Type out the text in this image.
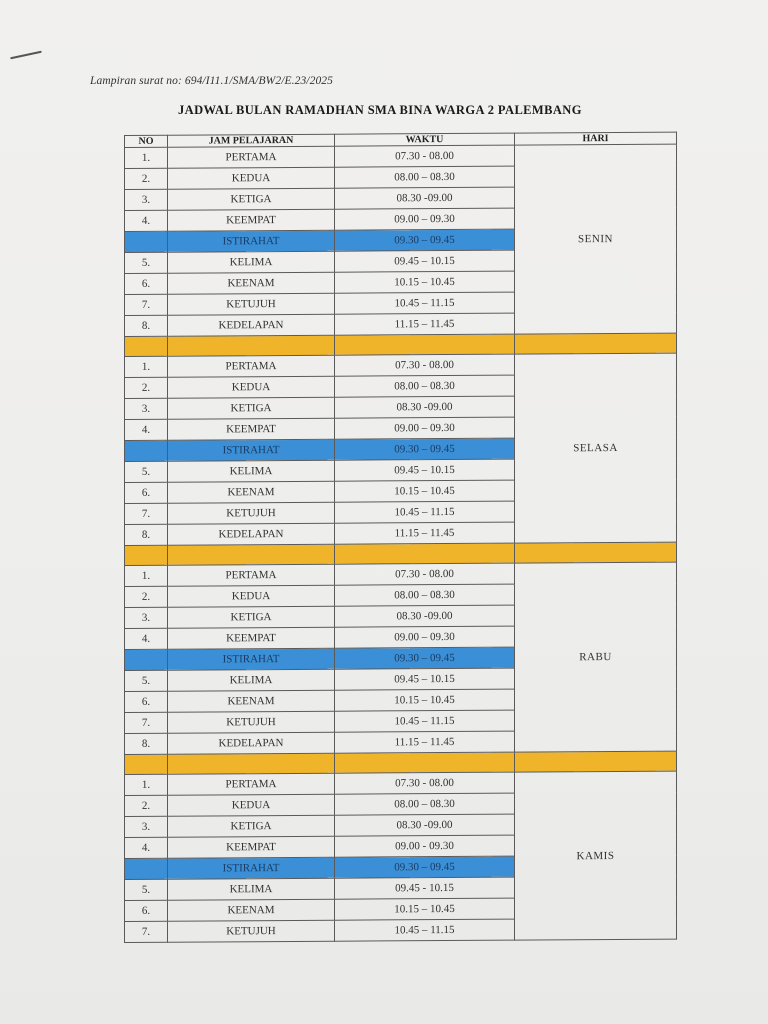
Lampiran surat no: 694/I11.1/SMA/BW2/E.23/2025
JADWAL BULAN RAMADHAN SMA BINA WARGA 2 PALEMBANG
NO	JAM PELAJARAN	WAKTU	HARI
1.	PERTAMA	07.30 - 08.00	SENIN
2.	KEDUA	08.00 – 08.30	
3.	KETIGA	08.30 -09.00	
4.	KEEMPAT	09.00 – 09.30	
	ISTIRAHAT	09.30 – 09.45	
5.	KELIMA	09.45 – 10.15	
6.	KEENAM	10.15 – 10.45	
7.	KETUJUH	10.45 – 11.15	
8.	KEDELAPAN	11.15 – 11.45	

1.	PERTAMA	07.30 - 08.00	SELASA
2.	KEDUA	08.00 – 08.30	
3.	KETIGA	08.30 -09.00	
4.	KEEMPAT	09.00 – 09.30	
	ISTIRAHAT	09.30 – 09.45	
5.	KELIMA	09.45 – 10.15	
6.	KEENAM	10.15 – 10.45	
7.	KETUJUH	10.45 – 11.15	
8.	KEDELAPAN	11.15 – 11.45	

1.	PERTAMA	07.30 - 08.00	RABU
2.	KEDUA	08.00 – 08.30	
3.	KETIGA	08.30 -09.00	
4.	KEEMPAT	09.00 – 09.30	
	ISTIRAHAT	09.30 – 09.45	
5.	KELIMA	09.45 – 10.15	
6.	KEENAM	10.15 – 10.45	
7.	KETUJUH	10.45 – 11.15	
8.	KEDELAPAN	11.15 – 11.45	

1.	PERTAMA	07.30 - 08.00	KAMIS
2.	KEDUA	08.00 – 08.30	
3.	KETIGA	08.30 -09.00	
4.	KEEMPAT	09.00 - 09.30	
	ISTIRAHAT	09.30 – 09.45	
5.	KELIMA	09.45 - 10.15	
6.	KEENAM	10.15 – 10.45	
7.	KETUJUH	10.45 – 11.15	
